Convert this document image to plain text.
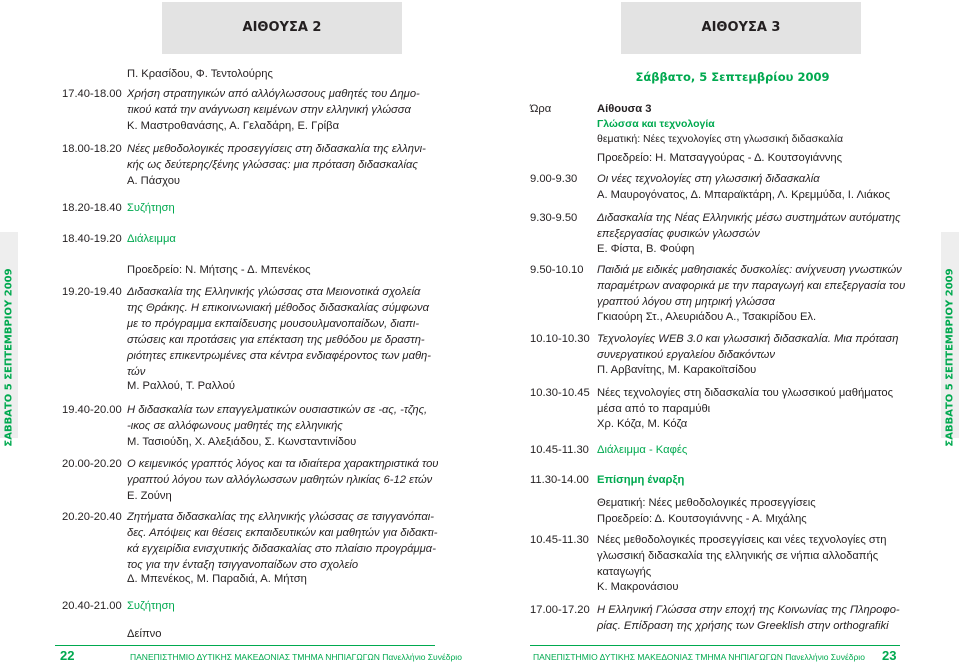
ΑΙΘΟΥΣΑ 2	ΑΙΘΟΥΣΑ 3
ΣΑΒΒΑΤΟ 5 ΣΕΠΤΕΜΒΡΙΟΥ 2009	ΣΑΒΒΑΤΟ 5 ΣΕΠΤΕΜΒΡΙΟΥ 2009
Π. Κρασίδου, Φ. Τεντολούρης
17.40-18.00 Χρήση στρατηγικών από αλλόγλωσσους μαθητές του Δημο-
τικού κατά την ανάγνωση κειμένων στην ελληνική γλώσσα
Κ. Μαστροθανάσης, Α. Γελαδάρη, Ε. Γρίβα
18.00-18.20 Νέες μεθοδολογικές προσεγγίσεις στη διδασκαλία της ελληνι-
κής ως δεύτερης/ξένης γλώσσας: μια πρόταση διδασκαλίας
Α. Πάσχου
18.20-18.40 Συζήτηση
18.40-19.20 Διάλειμμα
Προεδρείο: Ν. Μήτσης - Δ. Μπενέκος
19.20-19.40 Διδασκαλία της Ελληνικής γλώσσας στα Μειονοτικά σχολεία
της Θράκης. Η επικοινωνιακή μέθοδος διδασκαλίας σύμφωνα
με το πρόγραμμα εκπαίδευσης μουσουλμανοπαίδων, διαπι-
στώσεις και προτάσεις για επέκταση της μεθόδου με δραστη-
ριότητες επικεντρωμένες στα κέντρα ενδιαφέροντος των μαθη-
τών
Μ. Ραλλού, Τ. Ραλλού
19.40-20.00 Η διδασκαλία των επαγγελματικών ουσιαστικών σε -ας, -τζης,
-ικος σε αλλόφωνους μαθητές της ελληνικής
Μ. Τασιούδη, Χ. Αλεξιάδου, Σ. Κωνσταντινίδου
20.00-20.20 Ο κειμενικός γραπτός λόγος και τα ιδιαίτερα χαρακτηριστικά του
γραπτού λόγου των αλλόγλωσσων μαθητών ηλικίας 6-12 ετών
Ε. Ζούνη
20.20-20.40 Ζητήματα διδασκαλίας της ελληνικής γλώσσας σε τσιγγανόπαι-
δες. Απόψεις και θέσεις εκπαιδευτικών και μαθητών για διδακτι-
κά εγχειρίδια ενισχυτικής διδασκαλίας στο πλαίσιο προγράμμα-
τος για την ένταξη τσιγγανοπαίδων στο σχολείο
Δ. Μπενέκος, Μ. Παραδιά, Α. Μήτση
20.40-21.00 Συζήτηση
Δείπνο
22	ΠΑΝΕΠΙΣΤΗΜΙΟ ΔΥΤΙΚΗΣ ΜΑΚΕΔΟΝΙΑΣ ΤΜΗΜΑ ΝΗΠΙΑΓΩΓΩΝ Πανελλήνιο Συνέδριο
Σάββατο, 5 Σεπτεμβρίου 2009
Ώρα	Αίθουσα 3
Γλώσσα και τεχνολογία
θεματική: Νέες τεχνολογίες στη γλωσσική διδασκαλία
Προεδρείο: Η. Ματσαγγούρας - Δ. Κουτσογιάννης
9.00-9.30 Οι νέες τεχνολογίες στη γλωσσική διδασκαλία
Α. Μαυρογόνατος, Δ. Μπαραϊκτάρη, Λ. Κρεμμύδα, Ι. Λιάκος
9.30-9.50 Διδασκαλία της Νέας Ελληνικής μέσω συστημάτων αυτόματης
επεξεργασίας φυσικών γλωσσών
Ε. Φίστα, Β. Φούφη
9.50-10.10 Παιδιά με ειδικές μαθησιακές δυσκολίες: ανίχνευση γνωστικών
παραμέτρων αναφορικά με την παραγωγή και επεξεργασία του
γραπτού λόγου στη μητρική γλώσσα
Γκιαούρη Στ., Αλευριάδου Α., Τσακιρίδου Ελ.
10.10-10.30 Τεχνολογίες WEB 3.0 και γλωσσική διδασκαλία. Μια πρόταση
συνεργατικού εργαλείου διδακόντων
Π. Αρβανίτης, Μ. Καρακοϊτσίδου
10.30-10.45 Νέες τεχνολογίες στη διδασκαλία του γλωσσικού μαθήματος
μέσα από το παραμύθι
Χρ. Κόζα, Μ. Κόζα
10.45-11.30 Διάλειμμα - Καφές
11.30-14.00 Επίσημη έναρξη
Θεματική: Νέες μεθοδολογικές προσεγγίσεις
Προεδρείο: Δ. Κουτσογιάννης - Α. Μιχάλης
10.45-11.30 Νέες μεθοδολογικές προσεγγίσεις και νέες τεχνολογίες στη
γλωσσική διδασκαλία της ελληνικής σε νήπια αλλοδαπής
καταγωγής
Κ. Μακρονάσιου
17.00-17.20 Η Ελληνική Γλώσσα στην εποχή της Κοινωνίας της Πληροφο-
ρίας. Επίδραση της χρήσης των Greeklish στην orthografiki
ΠΑΝΕΠΙΣΤΗΜΙΟ ΔΥΤΙΚΗΣ ΜΑΚΕΔΟΝΙΑΣ ΤΜΗΜΑ ΝΗΠΙΑΓΩΓΩΝ Πανελλήνιο Συνέδριο 23
